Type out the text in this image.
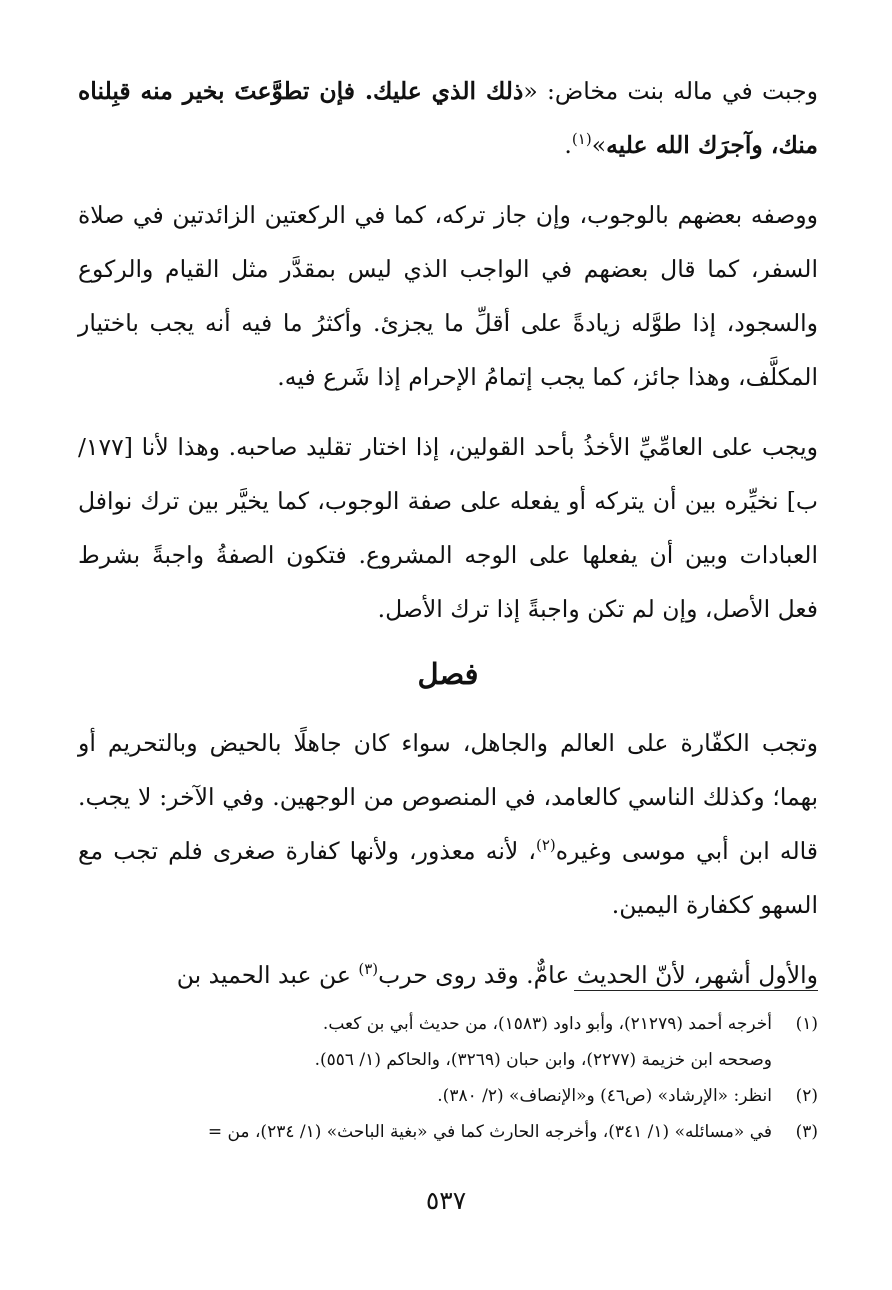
وجبت في ماله بنت مخاض: «ذلك الذي عليك. فإن تطوَّعتَ بخير منه قبِلناه منك، وآجرَك الله عليه»$^{(١)}$.

ووصفه بعضهم بالوجوب، وإن جاز تركه، كما في الركعتين الزائدتين في صلاة السفر، كما قال بعضهم في الواجب الذي ليس بمقدَّر مثل القيام والركوع والسجود، إذا طوَّله زيادةً على أقلِّ ما يجزئ. وأكثرُ ما فيه أنه يجب باختيار المكلَّف، وهذا جائز، كما يجب إتمامُ الإحرام إذا شَرع فيه.

ويجب على العامِّيِّ الأخذُ بأحد القولين، إذا اختار تقليد صاحبه. وهذا لأنا [١٧٧/ب] نخيِّره بين أن يتركه أو يفعله على صفة الوجوب، كما يخيَّر بين ترك نوافل العبادات وبين أن يفعلها على الوجه المشروع. فتكون الصفةُ واجبةً بشرط فعل الأصل، وإن لم تكن واجبةً إذا ترك الأصل.

فصل

وتجب الكفّارة على العالم والجاهل، سواء كان جاهلًا بالحيض وبالتحريم أو بهما؛ وكذلك الناسي كالعامد، في المنصوص من الوجهين. وفي الآخر: لا يجب. قاله ابن أبي موسى وغيره$^{(٢)}$، لأنه معذور، ولأنها كفارة صغرى فلم تجب مع السهو ككفارة اليمين.

والأول أشهر، لأنّ الحديث عامٌّ. وقد روى حرب$^{(٣)}$ عن عبد الحميد بن

(١)
أخرجه أحمد (٢١٢٧٩)، وأبو داود (١٥٨٣)، من حديث أبي بن كعب.
وصححه ابن خزيمة (٢٢٧٧)، وابن حبان (٣٢٦٩)، والحاكم (١/ ٥٥٦).
(٢)
انظر: «الإرشاد» (ص٤٦) و«الإنصاف» (٢/ ٣٨٠).
(٣)
في «مسائله» (١/ ٣٤١)، وأخرجه الحارث كما في «بغية الباحث» (١/ ٢٣٤)، من =
٥٣٧
